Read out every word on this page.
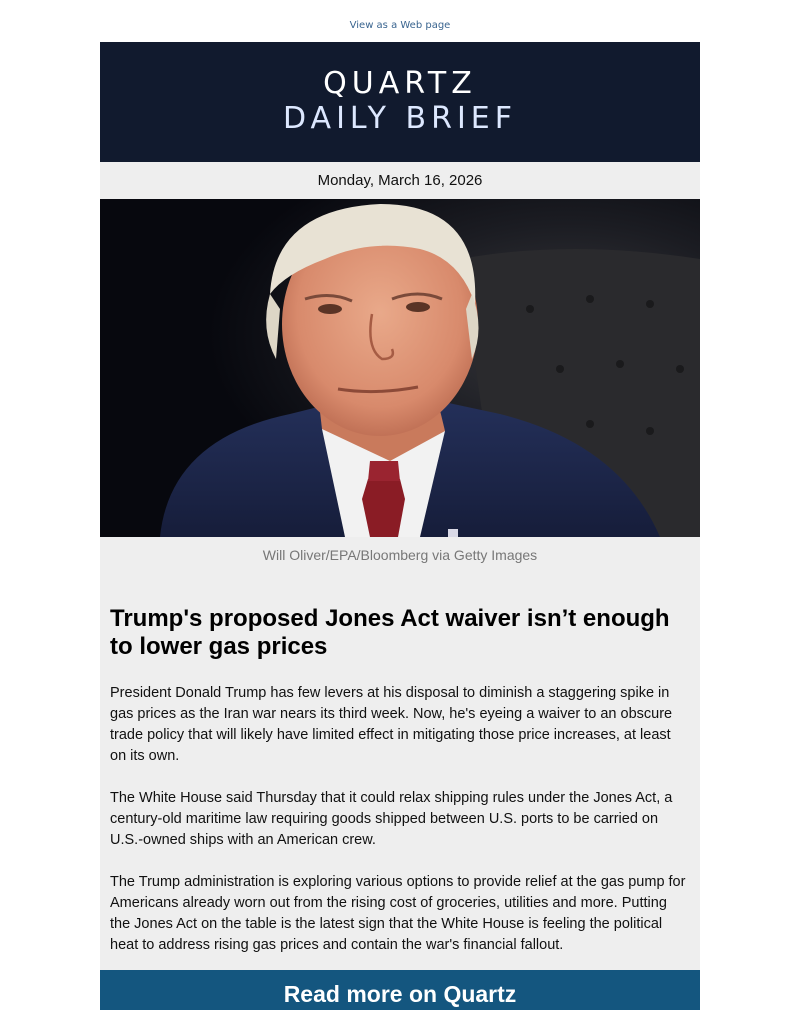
View as a Web page
QUARTZ
DAILY BRIEF
Monday, March 16, 2026
Will Oliver/EPA/Bloomberg via Getty Images
Trump's proposed Jones Act waiver isn’t enough to lower gas prices

President Donald Trump has few levers at his disposal to diminish a staggering spike in gas prices as the Iran war nears its third week. Now, he's eyeing a waiver to an obscure trade policy that will likely have limited effect in mitigating those price increases, at least on its own.

The White House said Thursday that it could relax shipping rules under the Jones Act, a century-old maritime law requiring goods shipped between U.S. ports to be carried on U.S.-owned ships with an American crew.

The Trump administration is exploring various options to provide relief at the gas pump for Americans already worn out from the rising cost of groceries, utilities and more. Putting the Jones Act on the table is the latest sign that the White House is feeling the political heat to address rising gas prices and contain the war's financial fallout.

Read more on Quartz
